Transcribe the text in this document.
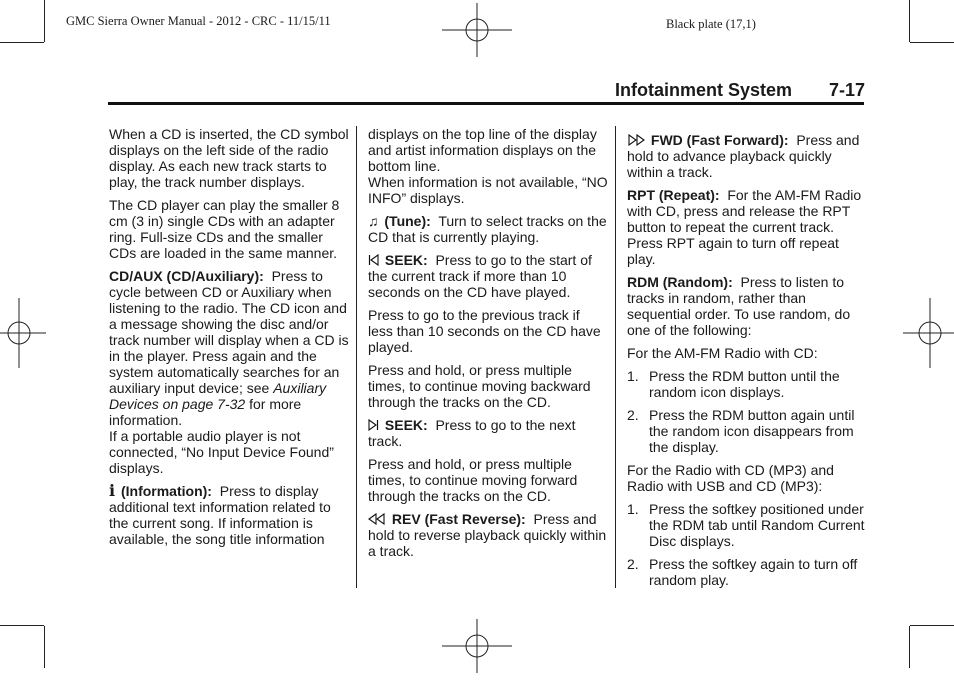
GMC Sierra Owner Manual - 2012 - CRC - 11/15/11	Black plate (17,1)
Infotainment System 7-17

When a CD is inserted, the CD symbol displays on the left side of the radio display. As each new track starts to play, the track number displays.

The CD player can play the smaller 8 cm (3 in) single CDs with an adapter ring. Full-size CDs and the smaller CDs are loaded in the same manner.

CD/AUX (CD/Auxiliary): Press to cycle between CD or Auxiliary when listening to the radio. The CD icon and a message showing the disc and/or track number will display when a CD is in the player. Press again and the system automatically searches for an auxiliary input device; see Auxiliary Devices on page 7-32 for more information.

If a portable audio player is not connected, “No Input Device Found” displays.

i (Information): Press to display additional text information related to the current song. If information is available, the song title information

displays on the top line of the display and artist information displays on the bottom line.

When information is not available, “NO INFO” displays.

♫ (Tune): Turn to select tracks on the CD that is currently playing.

SEEK: Press to go to the start of the current track if more than 10 seconds on the CD have played.

Press to go to the previous track if less than 10 seconds on the CD have played.

Press and hold, or press multiple times, to continue moving backward through the tracks on the CD.

SEEK: Press to go to the next track.

Press and hold, or press multiple times, to continue moving forward through the tracks on the CD.

REV (Fast Reverse): Press and hold to reverse playback quickly within a track.

FWD (Fast Forward): Press and hold to advance playback quickly within a track.

RPT (Repeat): For the AM-FM Radio with CD, press and release the RPT button to repeat the current track. Press RPT again to turn off repeat play.

RDM (Random): Press to listen to tracks in random, rather than sequential order. To use random, do one of the following:

For the AM-FM Radio with CD:

1. Press the RDM button until the random icon displays.
2. Press the RDM button again until the random icon disappears from the display.

For the Radio with CD (MP3) and Radio with USB and CD (MP3):

1. Press the softkey positioned under the RDM tab until Random Current Disc displays.
2. Press the softkey again to turn off random play.
